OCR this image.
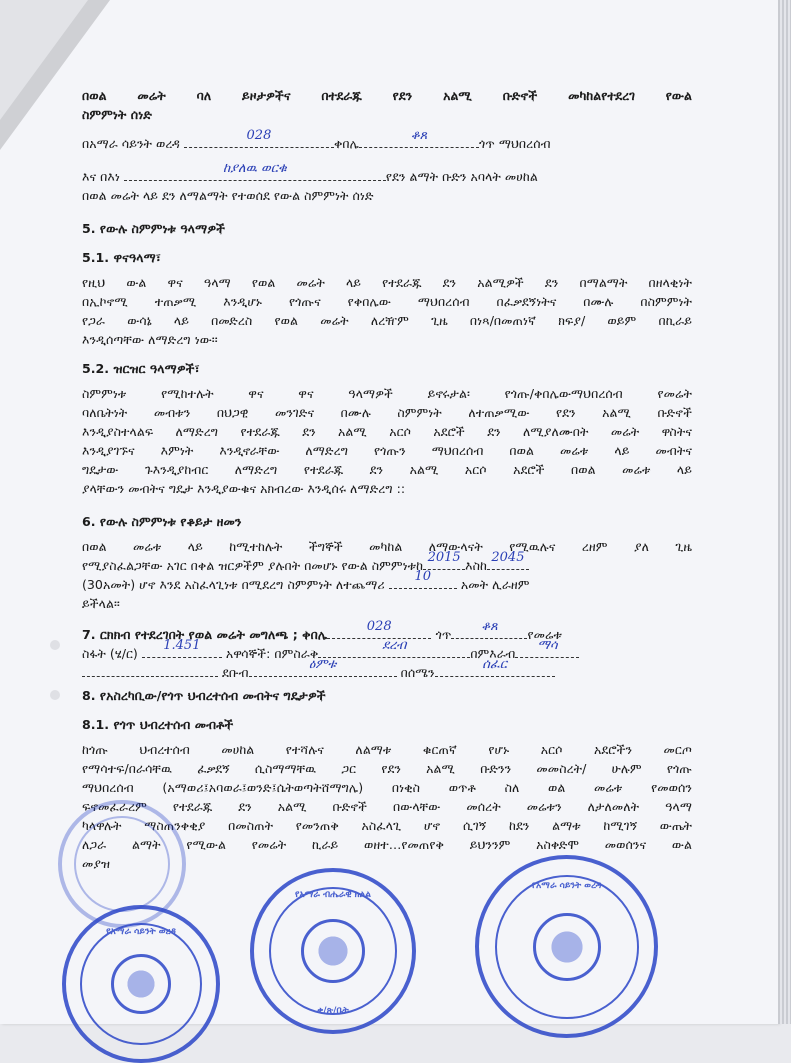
በወል መሬት ባለ ይዞታዎችና በተደራጁ የደን አልሚ ቡድኖች መካከልየተደረገ የውል
ስምምነት ሰነድ
በአማራ ሳይንት ወረዳ
028
ቀበሌ
ቆጸ
ጎጥ ማህበረሰብ
እና በእነ
ከያለዉ ወርቁ
የደን ልማት ቡድን አባላት መሀከል
በወል መሬት ላይ ደን ለማልማት የተወሰደ የውል ስምምነት ሰነድ
5. የውሉ ስምምነቱ ዓላማዎች
5.1. ዋናዓላማ፣
የዚህ ውል ዋና ዓላማ የወል መሬት ላይ የተደራጁ ደን አልሚዎች ደን በማልማት በዘላቂነት
በኢኮኖሚ ተጠቃሚ እንዲሆኑ የጎጡና የቀበሌው ማህበረሰብ በፈቃደኝነትና በሙሉ በስምምነት
የጋራ ውሳኔ ላይ በመድረስ የወል መሬት ለረዥም ጊዜ በነጻ/በመጠነኛ ክፍያ/ ወይም በኪራይ
እንዲሰጣቸው ለማድረግ ነው፡፡
5.2. ዝርዝር ዓላማዎች፣
ስምምነቱ የሚከተሉት ዋና ዋና ዓላማዎች ይኖሩታል፡ የጎጡ/ቀበሌውማህበረሰብ የመሬት
ባለቤትነት መብቱን በህጋዊ መንገድና በሙሉ ስምምነት ለተጠቃሚው የደን አልሚ ቡድኖች
እንዲያስተላልፍ ለማድረግ የተደራጁ ደን አልሚ አርሶ አደሮች ደን ለሚያለሙበት መሬት ዋስትና
እንዲያገኙና እምነት እንዲኖራቸው ለማድረግ የጎጡን ማህበረሰብ በወል መሬቱ ላይ መብትና
ግዴታው ጉእንዲያከብር ለማድረግ የተደራጁ ደን አልሚ አርሶ አደሮች በወል መሬቱ ላይ
ያላቸውን መብትና ግዴታ እንዲያውቁና አክብረው እንዲሰሩ ለማድረግ ::
6. የውሉ ስምምነቱ የቆይታ ዘመን
በወል መሬቱ ላይ ከሚተከሉት ችግኞች መካከል ለማውላናት የሚዉሉና ረዘም ያለ ጊዜ
የሚያስፈልጋቸው አገር በቀል ዝርዎችም ያሉበት በመሆኑ የውል ስምምነቱከ
2015
እስከ
2045
(30አመት) ሆኖ እንደ አስፈላጊነቱ በሚደረግ ስምምነት ለተጨማሪ
10
አመት ሊራዘም
ይችላል፡፡
7. ርክክብ የተደረገበት የወል መሬት መግለጫ ; ቀበሌ
028
ጎጥ
ቆጸ
የመሬቱ
ስፋት (ሄ/ር)
1.451
አዋሳኞች: በምስራቅ
ደረብ
በምእራብ
ማሳ
ደቡብ
ዕምቱ
በሰሜን
ሰፈር
8. የአስረካቢው/የጎጥ ህብረተሰብ መብትና ግዴታዎች
8.1. የጎጥ ህብረተሰብ መብቶች
ከጎጡ ህብረተሰብ መሀከል የተሻሉና ለልማቱ ቁርጠኛ የሆኑ አርሶ አደሮችን መርጦ
የማሳተፍ/በራሳቸዉ ፈቃደኝ ሲስማማቸዉ ጋር የደን አልሚ ቡድንን መመስረት/ ሁሉም የጎጡ
ማህበረሰብ (አማወሪ፤አባወራ፤ወንድ፤ሴትወጣትሸማግሌ) በነቂስ ወጥቶ ስለ ወል መሬቱ የመወሰን
ፍኖመፈራረም የተደራጁ ደን አልሚ ቡድኖች በውላቸው መሰረት መሬቱን ለታለመለት ዓላማ
ካላዋሉት ማስጠንቀቂያ በመስጠት የመንጠቅ አስፈላጊ ሆኖ ሲገኝ ከደን ልማቱ ከሚገኝ ውጤት
ለጋራ ልማት የሚውል የመሬት ኪራይ ወዘተ…የመጠየቅ ይህንንም አስቀድሞ መወሰንና ውል
መያዝ
የአማራ ሳይንት ወረዳ
የአማራ ብሔራዊ ክልል
ቀ/ጽ/ቤት
የአማራ ሳይንት ወረዳ
